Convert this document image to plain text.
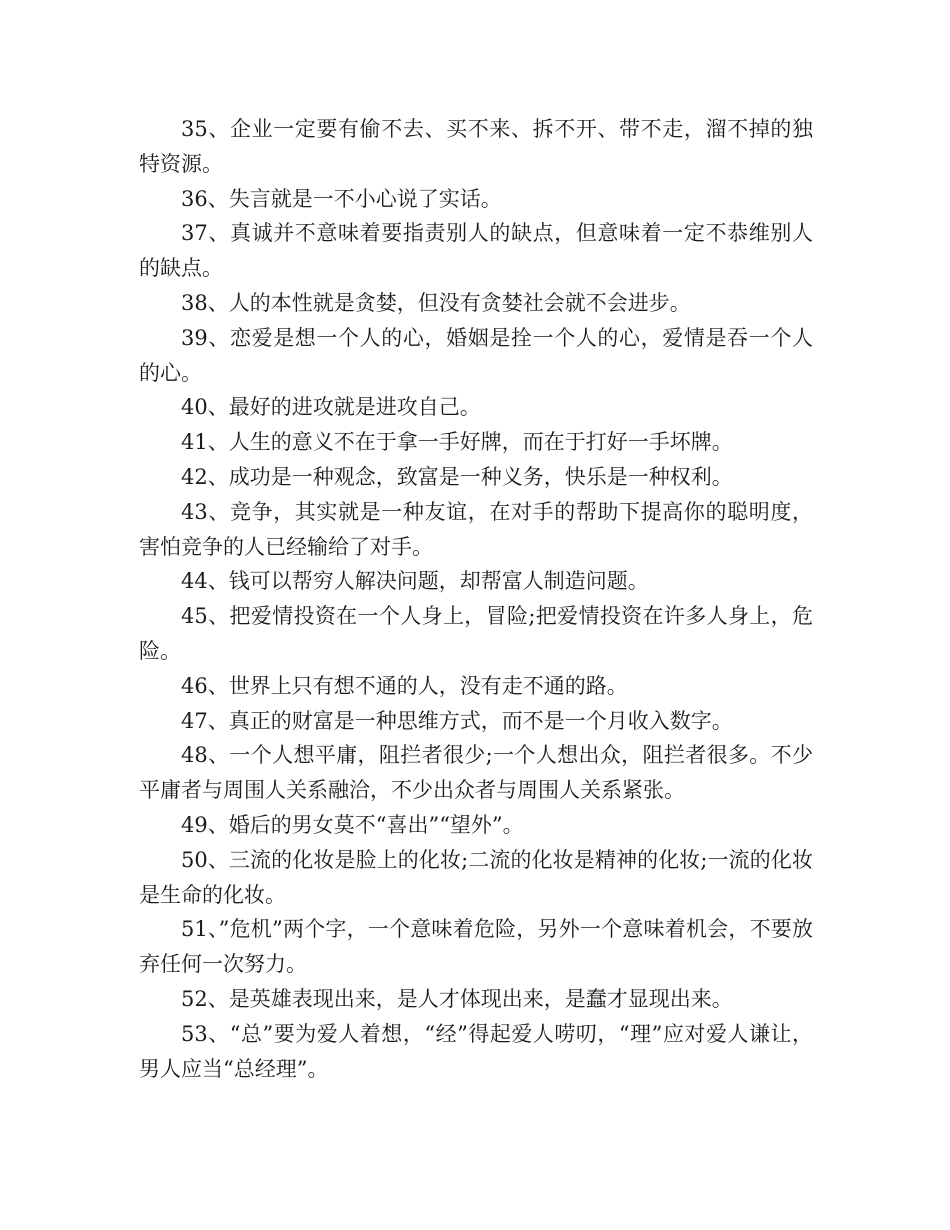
35、企业一定要有偷不去、买不来、拆不开、带不走，溜不掉的独特资源。

36、失言就是一不小心说了实话。

37、真诚并不意味着要指责别人的缺点，但意味着一定不恭维别人的缺点。

38、人的本性就是贪婪，但没有贪婪社会就不会进步。

39、恋爱是想一个人的心，婚姻是拴一个人的心，爱情是吞一个人的心。

40、最好的进攻就是进攻自己。

41、人生的意义不在于拿一手好牌，而在于打好一手坏牌。

42、成功是一种观念，致富是一种义务，快乐是一种权利。

43、竞争，其实就是一种友谊，在对手的帮助下提高你的聪明度，害怕竞争的人已经输给了对手。

44、钱可以帮穷人解决问题，却帮富人制造问题。

45、把爱情投资在一个人身上，冒险;把爱情投资在许多人身上，危险。

46、世界上只有想不通的人，没有走不通的路。

47、真正的财富是一种思维方式，而不是一个月收入数字。

48、一个人想平庸，阻拦者很少;一个人想出众，阻拦者很多。不少平庸者与周围人关系融洽，不少出众者与周围人关系紧张。

49、婚后的男女莫不“喜出”“望外”。

50、三流的化妆是脸上的化妆;二流的化妆是精神的化妆;一流的化妆是生命的化妆。

51、”危机”两个字，一个意味着危险，另外一个意味着机会，不要放弃任何一次努力。

52、是英雄表现出来，是人才体现出来，是蠢才显现出来。

53、“总”要为爱人着想，“经”得起爱人唠叨，“理”应对爱人谦让，男人应当“总经理”。
